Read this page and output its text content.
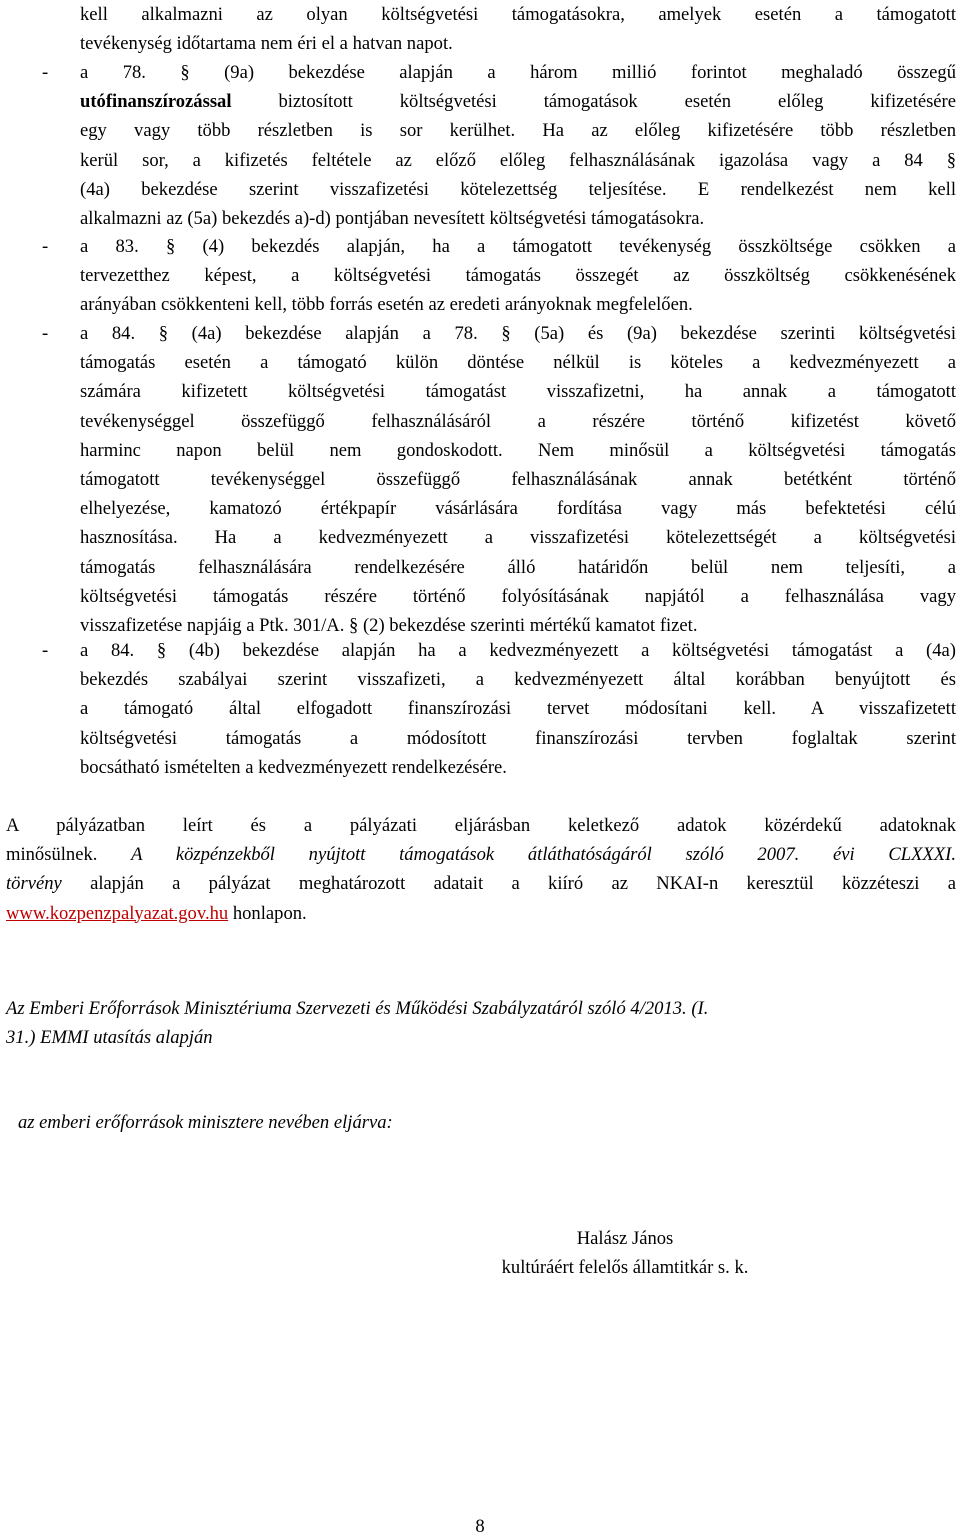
kell alkalmazni az olyan költségvetési támogatásokra, amelyek esetén a támogatott
tevékenység időtartama nem éri el a hatvan napot.
- a 78. § (9a) bekezdése alapján a három millió forintot meghaladó összegű
utófinanszírozással biztosított költségvetési támogatások esetén előleg kifizetésére
egy vagy több részletben is sor kerülhet. Ha az előleg kifizetésére több részletben
kerül sor, a kifizetés feltétele az előző előleg felhasználásának igazolása vagy a 84 §
(4a) bekezdése szerint visszafizetési kötelezettség teljesítése. E rendelkezést nem kell
alkalmazni az (5a) bekezdés a)-d) pontjában nevesített költségvetési támogatásokra.
- a 83. § (4) bekezdés alapján, ha a támogatott tevékenység összköltsége csökken a
tervezetthez képest, a költségvetési támogatás összegét az összköltség csökkenésének
arányában csökkenteni kell, több forrás esetén az eredeti arányoknak megfelelően.
- a 84. § (4a) bekezdése alapján a 78. § (5a) és (9a) bekezdése szerinti költségvetési
támogatás esetén a támogató külön döntése nélkül is köteles a kedvezményezett a
számára kifizetett költségvetési támogatást visszafizetni, ha annak a támogatott
tevékenységgel összefüggő felhasználásáról a részére történő kifizetést követő
harminc napon belül nem gondoskodott. Nem minősül a költségvetési támogatás
támogatott tevékenységgel összefüggő felhasználásának annak betétként történő
elhelyezése, kamatozó értékpapír vásárlására fordítása vagy más befektetési célú
hasznosítása. Ha a kedvezményezett a visszafizetési kötelezettségét a költségvetési
támogatás felhasználására rendelkezésére álló határidőn belül nem teljesíti, a
költségvetési támogatás részére történő folyósításának napjától a felhasználása vagy
visszafizetése napjáig a Ptk. 301/A. § (2) bekezdése szerinti mértékű kamatot fizet.
- a 84. § (4b) bekezdése alapján ha a kedvezményezett a költségvetési támogatást a (4a)
bekezdés szabályai szerint visszafizeti, a kedvezményezett által korábban benyújtott és
a támogató által elfogadott finanszírozási tervet módosítani kell. A visszafizetett
költségvetési támogatás a módosított finanszírozási tervben foglaltak szerint
bocsátható ismételten a kedvezményezett rendelkezésére.
A pályázatban leírt és a pályázati eljárásban keletkező adatok közérdekű adatoknak
minősülnek. A közpénzekből nyújtott támogatások átláthatóságáról szóló 2007. évi CLXXXI.
törvény alapján a pályázat meghatározott adatait a kiíró az NKAI-n keresztül közzéteszi a
www.kozpenzpalyazat.gov.hu honlapon.
Az Emberi Erőforrások Minisztériuma Szervezeti és Működési Szabályzatáról szóló 4/2013. (I.
31.) EMMI utasítás alapján
az emberi erőforrások minisztere nevében eljárva:
Halász János
kultúráért felelős államtitkár s. k.
8
